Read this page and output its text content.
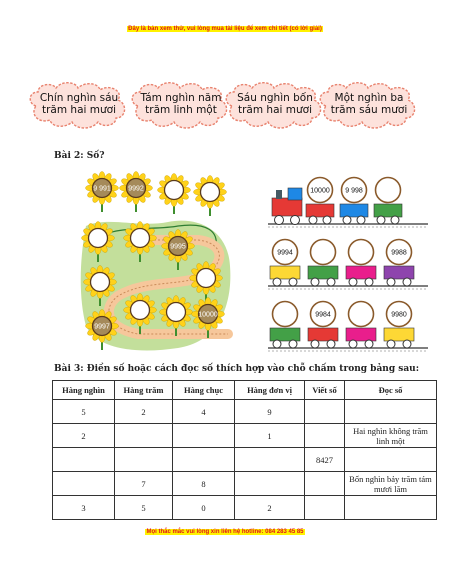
Đây là bản xem thử, vui lòng mua tài liệu để xem chi tiết (có lời giải)
Chín nghìn sáu trăm hai mươi
Tám nghìn năm trăm linh một
Sáu nghìn bốn trăm hai mươi
Một nghìn ba trăm sáu mươi
Bài 2: Số?
9 991 9992
9995
9997
10000
10000 9 998
9994	9988
9984	9980
Bài 3: Điền số hoặc cách đọc số thích hợp vào chỗ chấm trong bảng sau:
Hàng nghìn	Hàng trăm	Hàng chục	Hàng đơn vị	Viết số	Đọc số
5	2	4	9		
2			1		Hai nghìn không trăm linh một
				8427	
	7	8			Bốn nghìn bảy trăm tám mươi lăm
3	5	0	2		
Mọi thắc mắc vui lòng xin liên hệ hotline: 084 283 45 85
